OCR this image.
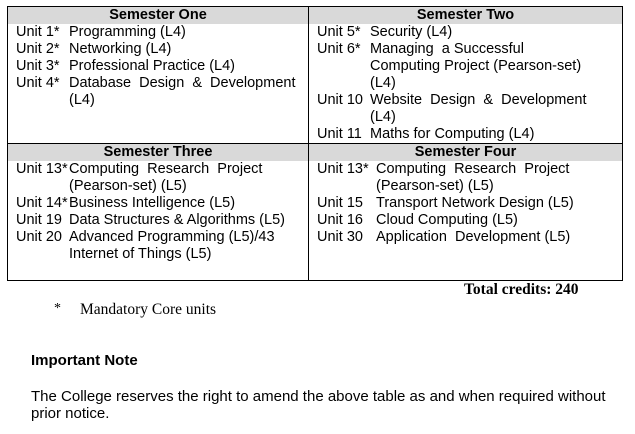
Semester One
Unit 1* Programming (L4)
Unit 2* Networking (L4)
Unit 3* Professional Practice (L4)
Unit 4* Database  Design  &  Development
(L4)
Semester Two
Unit 5* Security (L4)
Unit 6* Managing  a Successful
Computing Project (Pearson-set)
(L4)
Unit 10 Website  Design  &  Development
(L4)
Unit 11 Maths for Computing (L4)
Semester Three
Unit 13* Computing  Research  Project
(Pearson-set) (L5)
Unit 14* Business Intelligence (L5)
Unit 19 Data Structures & Algorithms (L5)
Unit 20 Advanced Programming (L5)/43
Internet of Things (L5)
Semester Four
Unit 13* Computing  Research  Project
(Pearson-set) (L5)
Unit 15 Transport Network Design (L5)
Unit 16 Cloud Computing (L5)
Unit 30 Application  Development (L5)
Total credits: 240
* Mandatory Core units
Important Note
The College reserves the right to amend the above table as and when required without prior notice.
